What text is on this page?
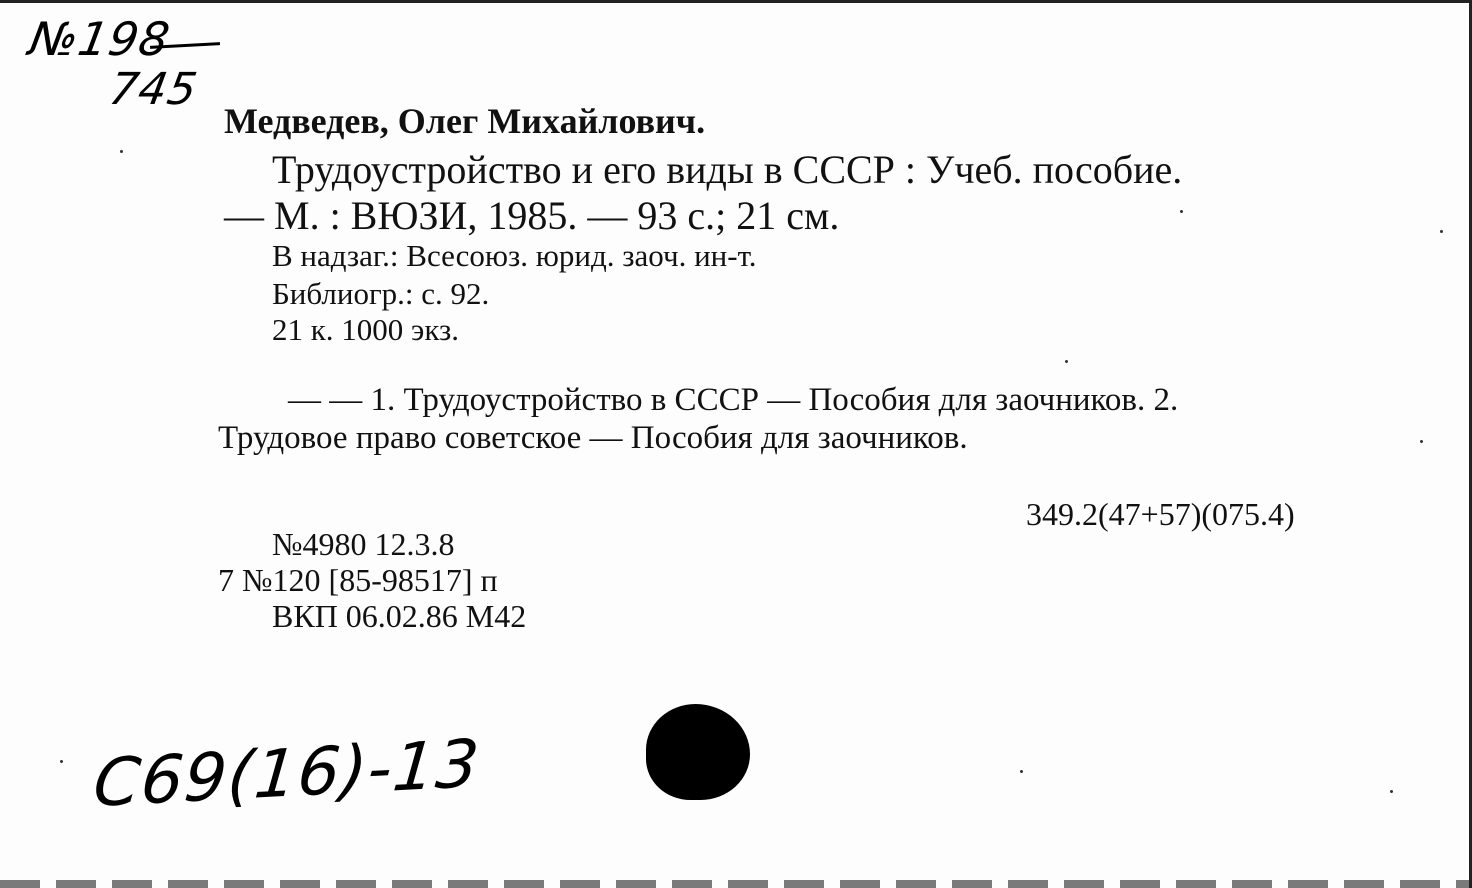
№198
745
Медведев, Олег Михайлович.
Трудоустройство и его виды в СССР : Учеб. пособие.
— М. : ВЮЗИ, 1985. — 93 с.; 21 см.
В надзаг.: Всесоюз. юрид. заоч. ин-т.
Библиогр.: с. 92.
21 к. 1000 экз.
— — 1. Трудоустройство в СССР — Пособия для заочников. 2.
Трудовое право советское — Пособия для заочников.
349.2(47+57)(075.4)
№4980 12.3.8
7 №120 [85-98517] п
ВКП 06.02.86 М42
С69(16)-13
